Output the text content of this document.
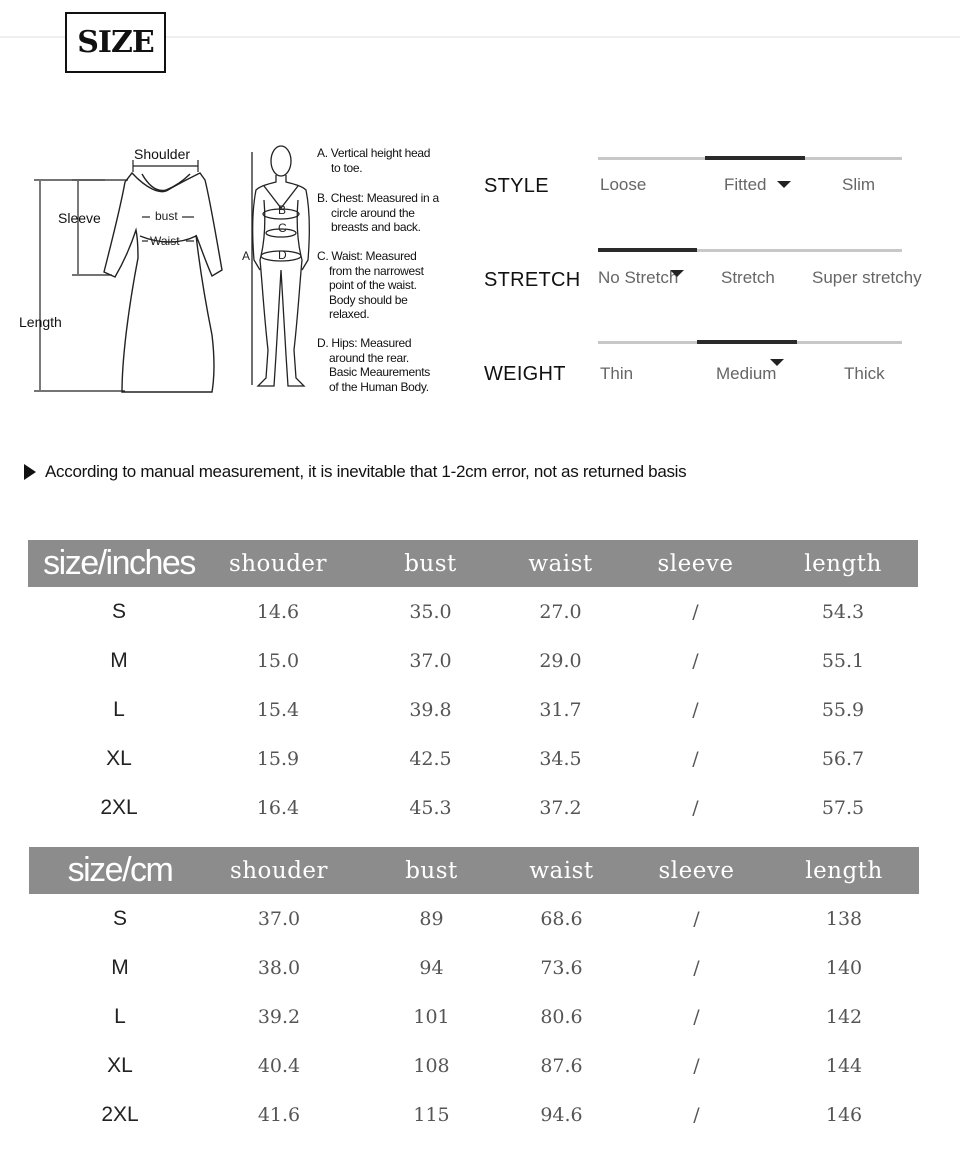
SIZE
Shoulder
Sleeve
Length
bust
Waist
A
B
C
D

A. Vertical height head

to toe.

B. Chest: Measured in a

circle around the

breasts and back.

C. Waist: Measured

from the narrowest

point of the waist.

Body should be

relaxed.

D. Hips: Measured

around the rear.

Basic Meaurements

of the Human Body.

STYLE	Loose	Fitted	Slim
STRETCH No Stretch	Stretch Super stretchy
WEIGHT Thin	Medium	Thick
According to manual measurement, it is inevitable that 1-2cm error, not as returned basis
size/inches	shouder	bust	waist	sleeve	length
S	14.6	35.0	27.0	/	54.3
M	15.0	37.0	29.0	/	55.1
L	15.4	39.8	31.7	/	55.9
XL	15.9	42.5	34.5	/	56.7
2XL	16.4	45.3	37.2	/	57.5
size/cm	shouder	bust	waist	sleeve	length
S	37.0	89	68.6	/	138
M	38.0	94	73.6	/	140
L	39.2	101	80.6	/	142
XL	40.4	108	87.6	/	144
2XL	41.6	115	94.6	/	146
